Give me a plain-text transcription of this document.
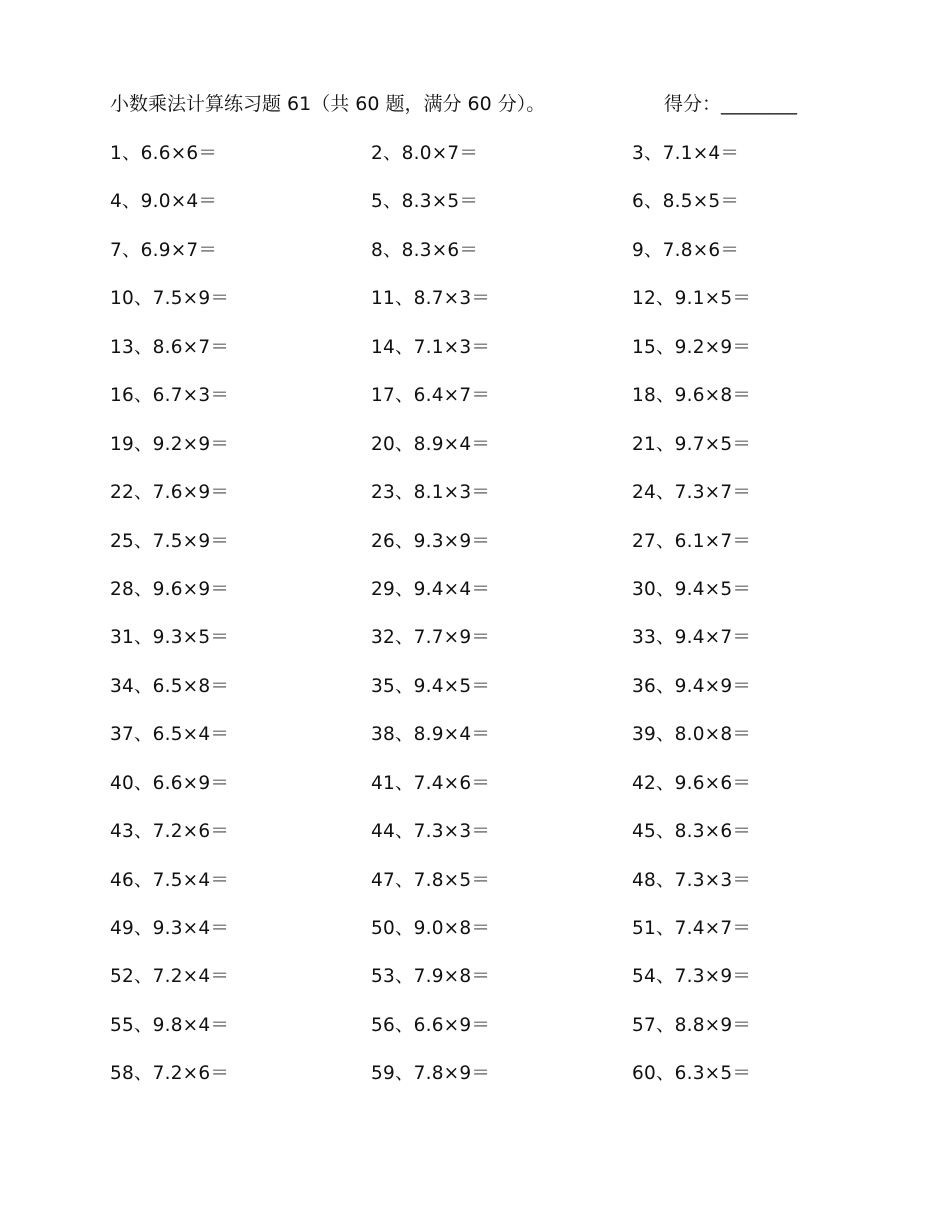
小数乘法计算练习题 61（共 60 题，满分 60 分）。	得分：________
1、6.6×6＝	2、8.0×7＝	3、7.1×4＝
4、9.0×4＝	5、8.3×5＝	6、8.5×5＝
7、6.9×7＝	8、8.3×6＝	9、7.8×6＝
10、7.5×9＝	11、8.7×3＝	12、9.1×5＝
13、8.6×7＝	14、7.1×3＝	15、9.2×9＝
16、6.7×3＝	17、6.4×7＝	18、9.6×8＝
19、9.2×9＝	20、8.9×4＝	21、9.7×5＝
22、7.6×9＝	23、8.1×3＝	24、7.3×7＝
25、7.5×9＝	26、9.3×9＝	27、6.1×7＝
28、9.6×9＝	29、9.4×4＝	30、9.4×5＝
31、9.3×5＝	32、7.7×9＝	33、9.4×7＝
34、6.5×8＝	35、9.4×5＝	36、9.4×9＝
37、6.5×4＝	38、8.9×4＝	39、8.0×8＝
40、6.6×9＝	41、7.4×6＝	42、9.6×6＝
43、7.2×6＝	44、7.3×3＝	45、8.3×6＝
46、7.5×4＝	47、7.8×5＝	48、7.3×3＝
49、9.3×4＝	50、9.0×8＝	51、7.4×7＝
52、7.2×4＝	53、7.9×8＝	54、7.3×9＝
55、9.8×4＝	56、6.6×9＝	57、8.8×9＝
58、7.2×6＝	59、7.8×9＝	60、6.3×5＝
